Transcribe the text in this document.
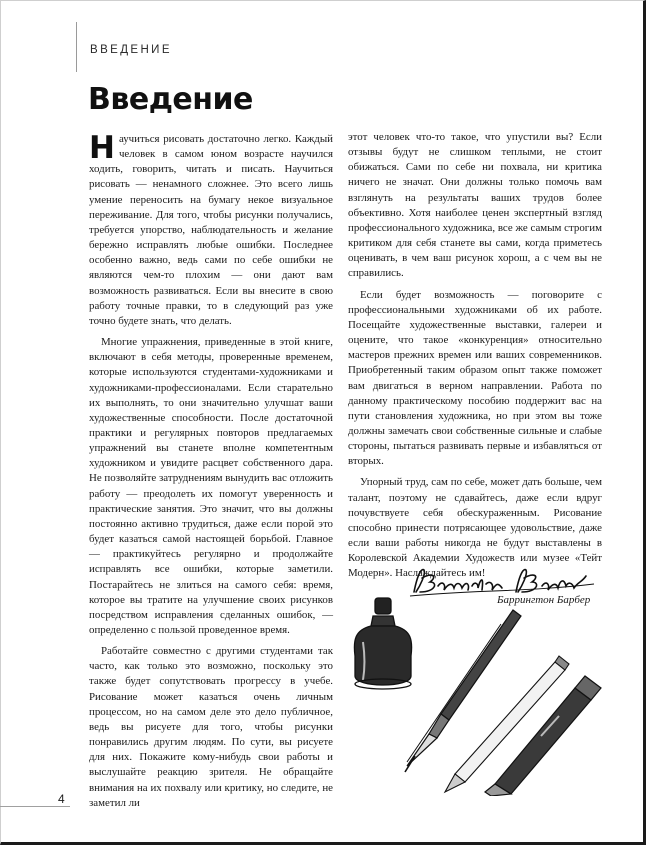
ВВЕДЕНИЕ
Введение

Научиться рисовать достаточно легко. Каждый человек в самом юном возрасте научился ходить, говорить, читать и писать. Научиться рисовать — ненамного сложнее. Это всего лишь умение переносить на бумагу некое визуальное переживание. Для того, чтобы рисунки получались, требуется упорство, наблюдательность и желание бережно исправлять любые ошибки. Последнее особенно важно, ведь сами по себе ошибки не являются чем-то плохим — они дают вам возможность развиваться. Если вы внесите в свою работу точные правки, то в следующий раз уже точно будете знать, что делать.

Многие упражнения, приведенные в этой книге, включают в себя методы, проверенные временем, которые используются студентами-художниками и художниками-профессионалами. Если старательно их выполнять, то они значительно улучшат ваши художественные способности. После достаточной практики и регулярных повторов предлагаемых упражнений вы станете вполне компетентным художником и увидите расцвет собственного дара. Не позволяйте затруднениям вынудить вас отложить работу — преодолеть их помогут уверенность и практические занятия. Это значит, что вы должны постоянно активно трудиться, даже если порой это будет казаться самой настоящей борьбой. Главное — практикуйтесь регулярно и продолжайте исправлять все ошибки, которые заметили. Постарайтесь не злиться на самого себя: время, которое вы тратите на улучшение своих рисунков посредством исправления сделанных ошибок, — определенно с пользой проведенное время.

Работайте совместно с другими студентами так часто, как только это возможно, поскольку это также будет сопутствовать прогрессу в учебе. Рисование может казаться очень личным процессом, но на самом деле это дело публичное, ведь вы рисуете для того, чтобы рисунки понравились другим людям. По сути, вы рисуете для них. Покажите кому-нибудь свои работы и выслушайте реакцию зрителя. Не обращайте внимания на их похвалу или критику, но следите, не заметил ли

этот человек что-то такое, что упустили вы? Если отзывы будут не слишком теплыми, не стоит обижаться. Сами по себе ни похвала, ни критика ничего не значат. Они должны только помочь вам взглянуть на результаты ваших трудов более объективно. Хотя наиболее ценен экспертный взгляд профессионального художника, все же самым строгим критиком для себя станете вы сами, когда приметесь оценивать, в чем ваш рисунок хорош, а с чем вы не справились.

Если будет возможность — поговорите с профессиональными художниками об их работе. Посещайте художественные выставки, галереи и оцените, что такое «конкуренция» относительно мастеров прежних времен или ваших современников. Приобретенный таким образом опыт также поможет вам двигаться в верном направлении. Работа по данному практическому пособию поддержит вас на пути становления художника, но при этом вы тоже должны замечать свои собственные сильные и слабые стороны, пытаться развивать первые и избавляться от вторых.

Упорный труд, сам по себе, может дать больше, чем талант, поэтому не сдавайтесь, даже если вдруг почувствуете себя обескураженным. Рисование способно принести потрясающее удовольствие, даже если ваши работы никогда не будут выставлены в Королевской Академии Художеств или музее «Тейт Модерн». Наслаждайтесь им!

Баррингтон Барбер
4
